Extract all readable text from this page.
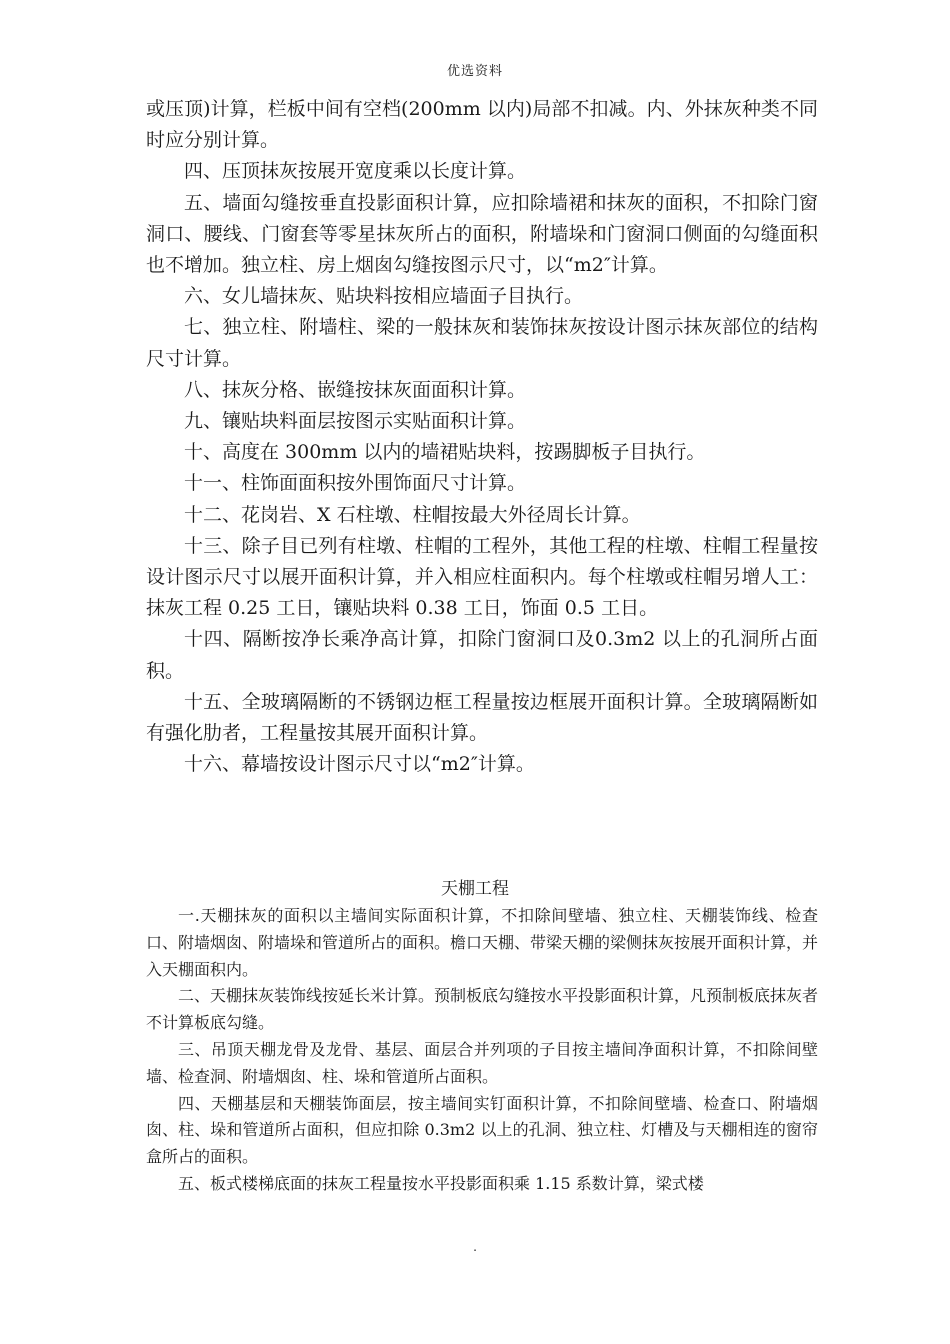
优选资料

或压顶)计算，栏板中间有空档(200mm 以内)局部不扣减。内、外抹灰种类不同时应分别计算。

四、压顶抹灰按展开宽度乘以长度计算。

五、墙面勾缝按垂直投影面积计算，应扣除墙裙和抹灰的面积，不扣除门窗洞口、腰线、门窗套等零星抹灰所占的面积，附墙垛和门窗洞口侧面的勾缝面积也不增加。独立柱、房上烟囱勾缝按图示尺寸，以“m2″计算。

六、女儿墙抹灰、贴块料按相应墙面子目执行。

七、独立柱、附墙柱、梁的一般抹灰和装饰抹灰按设计图示抹灰部位的结构尺寸计算。

八、抹灰分格、嵌缝按抹灰面面积计算。

九、镶贴块料面层按图示实贴面积计算。

十、高度在 300mm 以内的墙裙贴块料，按踢脚板子目执行。

十一、柱饰面面积按外围饰面尺寸计算。

十二、花岗岩、X 石柱墩、柱帽按最大外径周长计算。

十三、除子目已列有柱墩、柱帽的工程外，其他工程的柱墩、柱帽工程量按设计图示尺寸以展开面积计算，并入相应柱面积内。每个柱墩或柱帽另增人工：抹灰工程 0.25 工日，镶贴块料 0.38 工日，饰面 0.5 工日。

十四、隔断按净长乘净高计算，扣除门窗洞口及0.3m2 以上的孔洞所占面积。

十五、全玻璃隔断的不锈钢边框工程量按边框展开面积计算。全玻璃隔断如有强化肋者，工程量按其展开面积计算。

十六、幕墙按设计图示尺寸以“m2″计算。

天棚工程

一.天棚抹灰的面积以主墙间实际面积计算，不扣除间壁墙、独立柱、天棚装饰线、检查口、附墙烟囱、附墙垛和管道所占的面积。檐口天棚、带梁天棚的梁侧抹灰按展开面积计算，并入天棚面积内。

二、天棚抹灰装饰线按延长米计算。预制板底勾缝按水平投影面积计算，凡预制板底抹灰者不计算板底勾缝。

三、吊顶天棚龙骨及龙骨、基层、面层合并列项的子目按主墙间净面积计算，不扣除间壁墙、检查洞、附墙烟囱、柱、垛和管道所占面积。

四、天棚基层和天棚装饰面层，按主墙间实钉面积计算，不扣除间壁墙、检查口、附墙烟囱、柱、垛和管道所占面积，但应扣除 0.3m2 以上的孔洞、独立柱、灯槽及与天棚相连的窗帘盒所占的面积。

五、板式楼梯底面的抹灰工程量按水平投影面积乘 1.15 系数计算，梁式楼

.
